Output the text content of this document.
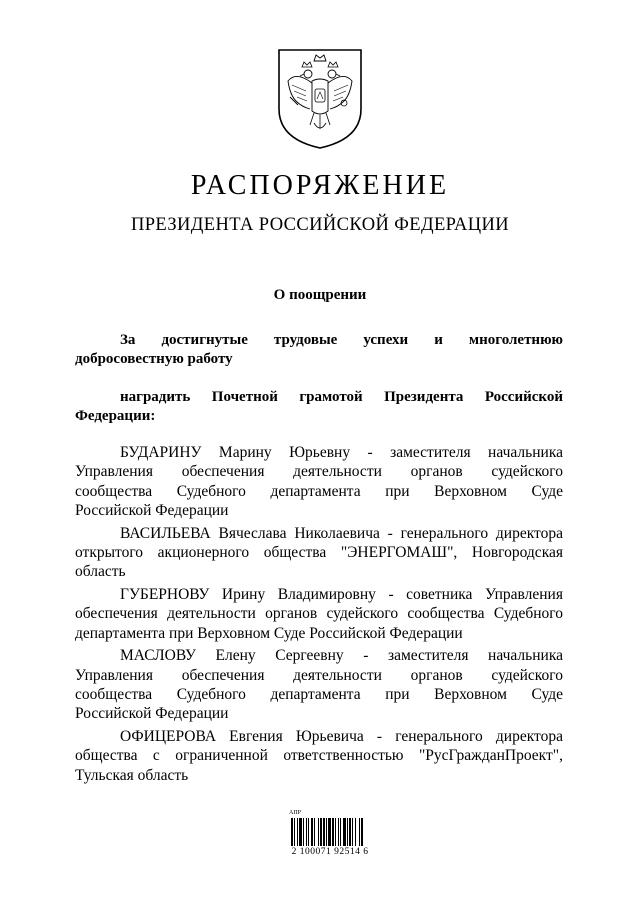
РАСПОРЯЖЕНИЕ
ПРЕЗИДЕНТА РОССИЙСКОЙ ФЕДЕРАЦИИ
О поощрении
За достигнутые трудовые успехи и многолетнюю
добросовестную работу
наградить Почетной грамотой Президента Российской
Федерации:
БУДАРИНУ Марину Юрьевну - заместителя начальника
Управления обеспечения деятельности органов судейского
сообщества Судебного департамента при Верховном Суде
Российской Федерации
ВАСИЛЬЕВА Вячеслава Николаевича - генерального директора
открытого акционерного общества "ЭНЕРГОМАШ", Новгородская
область
ГУБЕРНОВУ Ирину Владимировну - советника Управления
обеспечения деятельности органов судейского сообщества Судебного
департамента при Верховном Суде Российской Федерации
МАСЛОВУ Елену Сергеевну - заместителя начальника
Управления обеспечения деятельности органов судейского
сообщества Судебного департамента при Верховном Суде
Российской Федерации
ОФИЦЕРОВА Евгения Юрьевича - генерального директора
общества с ограниченной ответственностью "РусГражданПроект",
Тульская область
АПР
2 100071 92514 6
